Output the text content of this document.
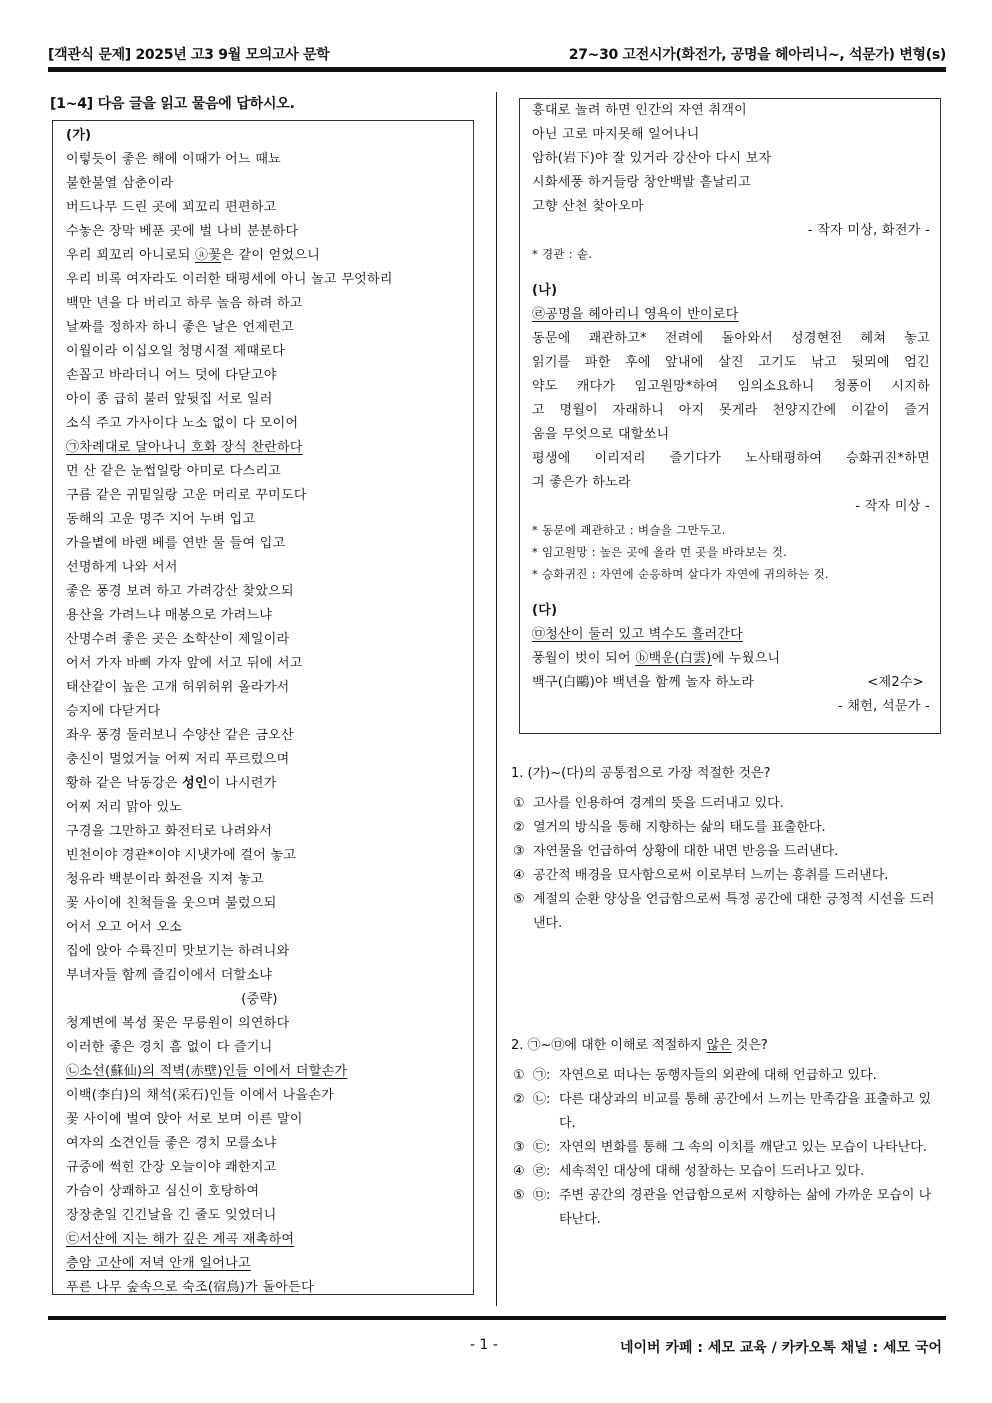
[객관식 문제] 2025년 고3 9월 모의고사 문학	27~30 고전시가(화전가, 공명을 헤아리니~, 석문가) 변형(s)
[1~4] 다음 글을 읽고 물음에 답하시오.
(가)
이렇듯이 좋은 해에 이때가 어느 때뇨
불한불열 삼춘이라
버드나무 드린 곳에 꾀꼬리 편편하고
수놓은 장막 베푼 곳에 벌 나비 분분하다
우리 꾀꼬리 아니로되 ⓐ꽃은 같이 얻었으니
우리 비록 여자라도 이러한 태평세에 아니 놀고 무엇하리
백만 년을 다 버리고 하루 놀음 하려 하고
날짜를 정하자 하니 좋은 날은 언제런고
이월이라 이십오일 청명시절 제때로다
손꼽고 바라더니 어느 덧에 다닫고야
아이 종 급히 불러 앞뒷집 서로 일러
소식 주고 가사이다 노소 없이 다 모이어
㉠차례대로 달아나니 호화 장식 찬란하다
먼 산 같은 눈썹일랑 아미로 다스리고
구름 같은 귀밑일랑 고운 머리로 꾸미도다
동해의 고운 명주 지어 누벼 입고
가을볕에 바랜 베를 연반 물 들여 입고
선명하게 나와 서서
좋은 풍경 보려 하고 가려강산 찾았으되
용산을 가려느냐 매봉으로 가려느냐
산명수려 좋은 곳은 소학산이 제일이라
어서 가자 바삐 가자 앞에 서고 뒤에 서고
태산같이 높은 고개 허위허위 올라가서
승지에 다닫거다
좌우 풍경 둘러보니 수양산 같은 금오산
충신이 멀었거늘 어찌 저리 푸르렀으며
황하 같은 낙동강은 성인이 나시련가
어찌 저리 맑아 있노
구경을 그만하고 화전터로 나려와서
빈천이야 경관*이야 시냇가에 걸어 놓고
청유라 백분이라 화전을 지져 놓고
꽃 사이에 친척들을 웃으며 불렀으되
어서 오고 어서 오소
집에 앉아 수륙진미 맛보기는 하려니와
부녀자들 함께 즐김이에서 더할소냐
(중략)
청계변에 복성 꽃은 무릉원이 의연하다
이러한 좋은 경치 흠 없이 다 즐기니
㉡소선(蘇仙)의 적벽(赤壁)인들 이에서 더할손가
이백(李白)의 채석(采石)인들 이에서 나을손가
꽃 사이에 벌여 앉아 서로 보며 이른 말이
여자의 소견인들 좋은 경치 모를소냐
규중에 썩힌 간장 오늘이야 쾌한지고
가슴이 상쾌하고 심신이 호탕하여
장장춘일 긴긴날을 긴 줄도 잊었더니
㉢서산에 지는 해가 깊은 계곡 재촉하여
층암 고산에 저녁 안개 일어나고
푸른 나무 숲속으로 숙조(宿鳥)가 돌아든다
흥대로 놀려 하면 인간의 자연 취객이
아닌 고로 마지못해 일어나니
암하(岩下)야 잘 있거라 강산아 다시 보자
시화세풍 하거들랑 창안백발 흩날리고
고향 산천 찾아오마
- 작자 미상, 화전가 -
* 경관 : 솥.
(나)
㉣공명을 헤아리니 영욕이 반이로다
동문에 괘관하고* 전려에 돌아와서 성경현전 헤쳐 놓고
읽기를 파한 후에 앞내에 살진 고기도 낚고 뒷뫼에 엄긴
약도 캐다가 임고원망*하여 임의소요하니 청풍이 시지하
고 명월이 자래하니 아지 못게라 천양지간에 이같이 즐거
움을 무엇으로 대할쏘니
평생에 이리저리 즐기다가 노사태평하여 승화귀진*하면
긔 좋은가 하노라
- 작자 미상 -
* 동문에 괘관하고 : 벼슬을 그만두고.
* 임고원망 : 높은 곳에 올라 먼 곳을 바라보는 것.
* 승화귀진 : 자연에 순응하며 살다가 자연에 귀의하는 것.
(다)
㉤청산이 둘러 있고 벽수도 흘러간다
풍월이 벗이 되어 ⓑ백운(白雲)에 누웠으니
백구(白鷗)야 백년을 함께 놀자 하노라	<제2수>
- 채헌, 석문가 -
1. (가)~(다)의 공통점으로 가장 적절한 것은?
① 고사를 인용하여 경계의 뜻을 드러내고 있다.
② 열거의 방식을 통해 지향하는 삶의 태도를 표출한다.
③ 자연물을 언급하여 상황에 대한 내면 반응을 드러낸다.
④ 공간적 배경을 묘사함으로써 이로부터 느끼는 흥취를 드러낸다.
⑤ 계절의 순환 양상을 언급함으로써 특정 공간에 대한 긍정적 시선을 드러낸다.
2. ㉠~㉤에 대한 이해로 적절하지 않은 것은?
① ㉠: 자연으로 떠나는 동행자들의 외관에 대해 언급하고 있다.
② ㉡: 다른 대상과의 비교를 통해 공간에서 느끼는 만족감을 표출하고 있다.
③ ㉢: 자연의 변화를 통해 그 속의 이치를 깨닫고 있는 모습이 나타난다.
④ ㉣: 세속적인 대상에 대해 성찰하는 모습이 드러나고 있다.
⑤ ㉤: 주변 공간의 경관을 언급함으로써 지향하는 삶에 가까운 모습이 나타난다.
- 1 -	네이버 카페 : 세모 교육 / 카카오톡 채널 : 세모 국어
